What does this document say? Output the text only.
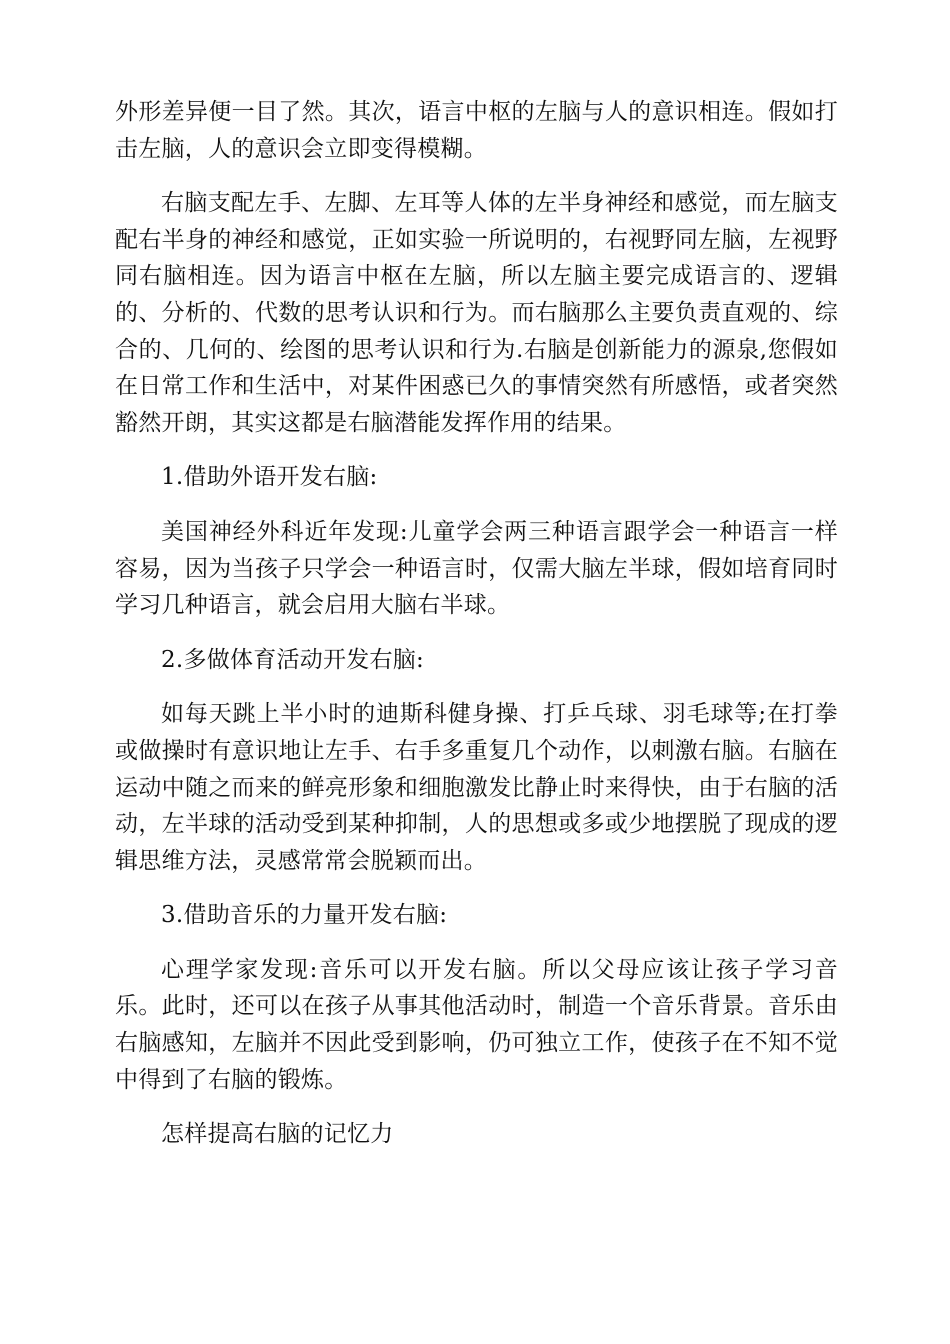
外形差异便一目了然。其次，语言中枢的左脑与人的意识相连。假如打击左脑，人的意识会立即变得模糊。

右脑支配左手、左脚、左耳等人体的左半身神经和感觉，而左脑支配右半身的神经和感觉，正如实验一所说明的，右视野同左脑，左视野同右脑相连。因为语言中枢在左脑，所以左脑主要完成语言的、逻辑的、分析的、代数的思考认识和行为。而右脑那么主要负责直观的、综合的、几何的、绘图的思考认识和行为.右脑是创新能力的源泉,您假如在日常工作和生活中，对某件困惑已久的事情突然有所感悟，或者突然豁然开朗，其实这都是右脑潜能发挥作用的结果。

1.借助外语开发右脑:

美国神经外科近年发现:儿童学会两三种语言跟学会一种语言一样容易，因为当孩子只学会一种语言时，仅需大脑左半球，假如培育同时学习几种语言，就会启用大脑右半球。

2.多做体育活动开发右脑:

如每天跳上半小时的迪斯科健身操、打乒乓球、羽毛球等;在打拳或做操时有意识地让左手、右手多重复几个动作，以刺激右脑。右脑在运动中随之而来的鲜亮形象和细胞激发比静止时来得快，由于右脑的活动，左半球的活动受到某种抑制，人的思想或多或少地摆脱了现成的逻辑思维方法，灵感常常会脱颖而出。

3.借助音乐的力量开发右脑:

心理学家发现:音乐可以开发右脑。所以父母应该让孩子学习音乐。此时，还可以在孩子从事其他活动时，制造一个音乐背景。音乐由右脑感知，左脑并不因此受到影响，仍可独立工作，使孩子在不知不觉中得到了右脑的锻炼。

怎样提高右脑的记忆力
